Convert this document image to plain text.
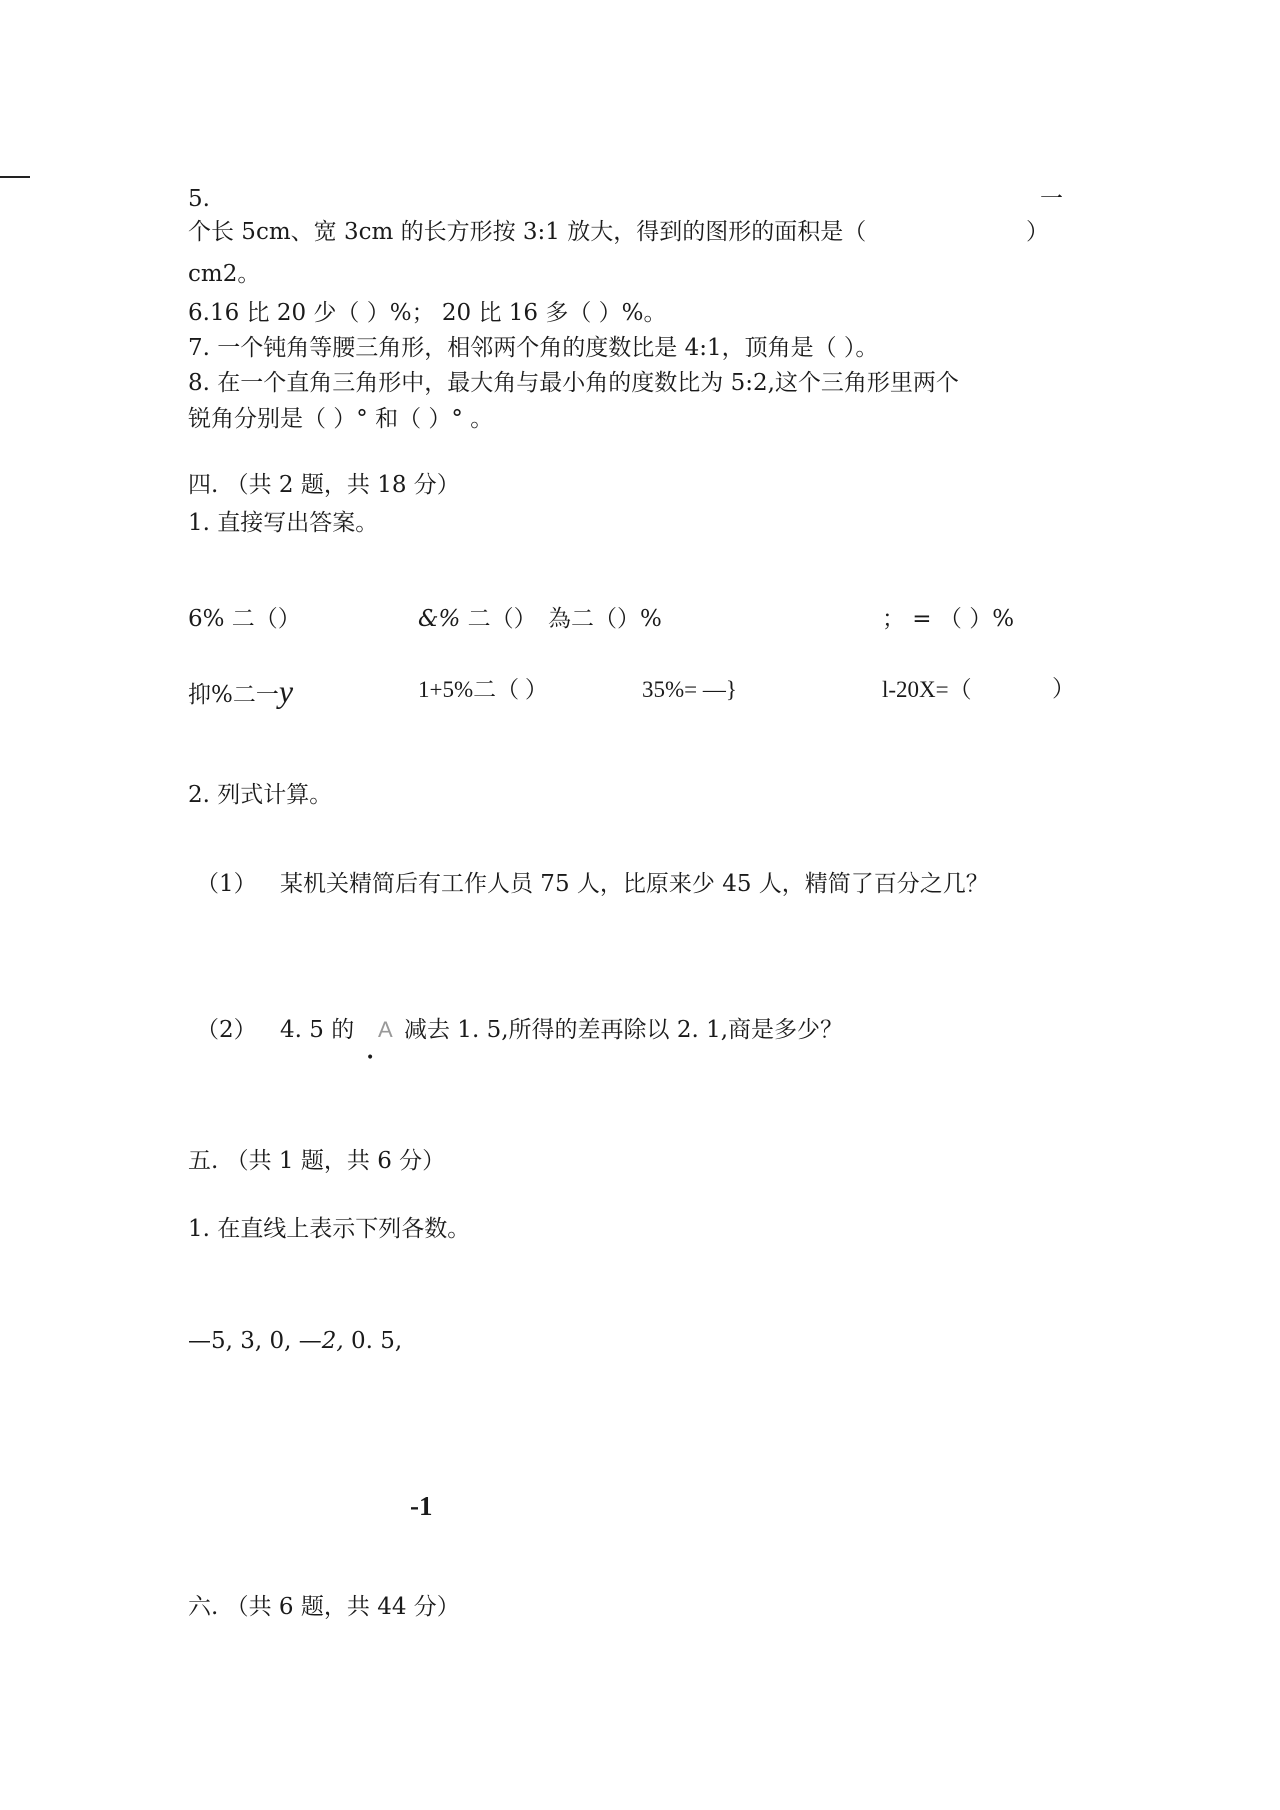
5.	一

个长 5cm、宽 3cm 的长方形按 3:1 放大，得到的图形的面积是（	）

cm2。

6.16 比 20 少（ ）%； 20 比 16 多（ ）%。

7. 一个钝角等腰三角形，相邻两个角的度数比是 4:1，顶角是（ ）。

8. 在一个直角三角形中，最大角与最小角的度数比为 5:2,这个三角形里两个

锐角分别是（ ）° 和（ ）° 。

四. （共 2 题，共 18 分）

1. 直接写出答案。

6% 二（）	&% 二（） 為二（）%	； = （ ）%

抑%二一y	1+5%二（ ）	35%= —}	l-20X=（	）

2. 列式计算。

（1） 某机关精简后有工作人员 75 人，比原来少 45 人，精简了百分之几？

（2） 4. 5 的 A 减去 1. 5,所得的差再除以 2. 1,商是多少？

•

五. （共 1 题，共 6 分）

1. 在直线上表示下列各数。

—5, 3, 0, —2, 0. 5,

-1

六. （共 6 题，共 44 分）
